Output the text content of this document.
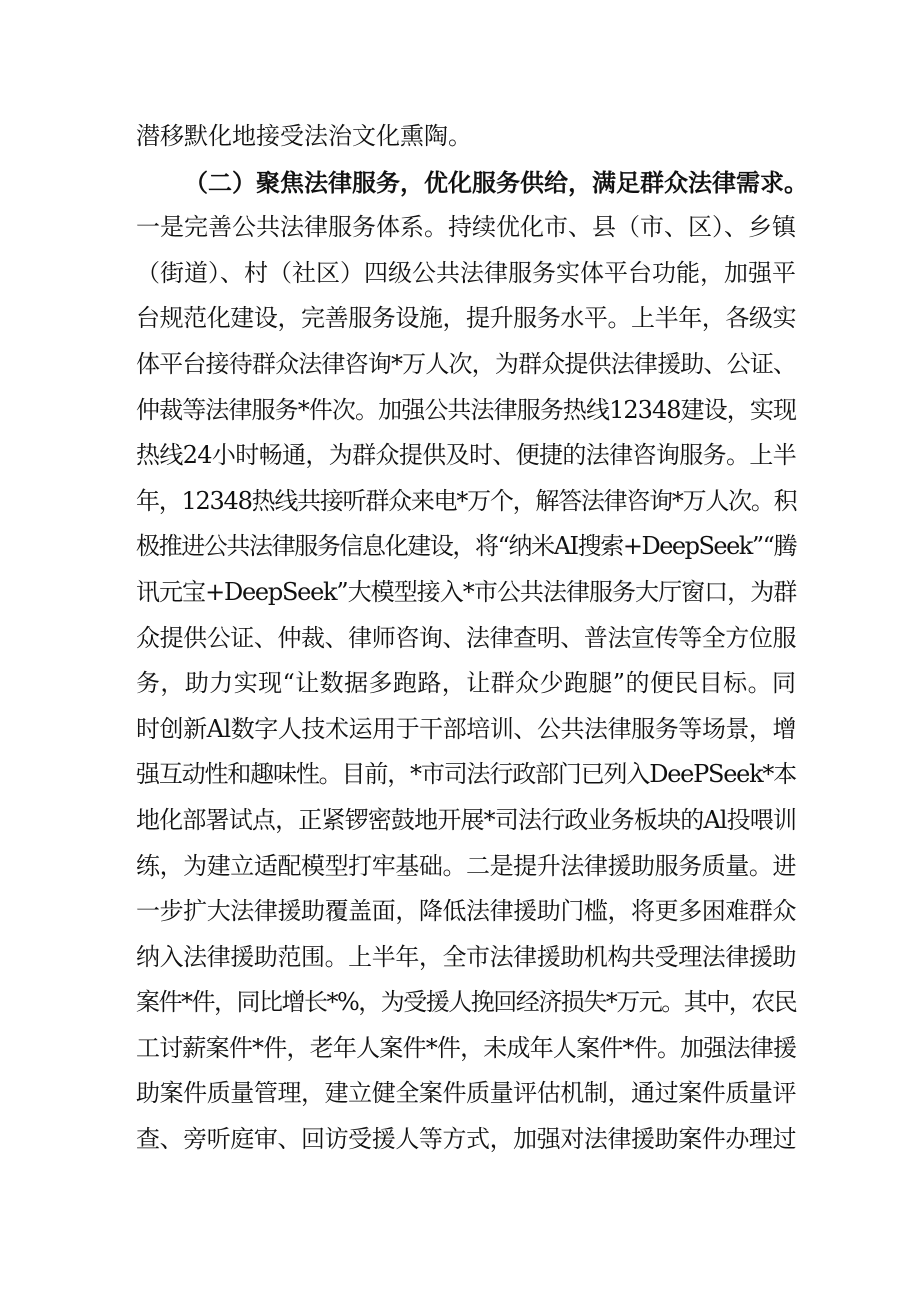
潜移默化地接受法治文化熏陶。
（二）聚焦法律服务，优化服务供给，满足群众法律需求。
一是完善公共法律服务体系。持续优化市、县（市、区）、乡镇
（街道）、村（社区）四级公共法律服务实体平台功能，加强平
台规范化建设，完善服务设施，提升服务水平。上半年，各级实
体平台接待群众法律咨询*万人次，为群众提供法律援助、公证、
仲裁等法律服务*件次。加强公共法律服务热线12348建设，实现
热线24小时畅通，为群众提供及时、便捷的法律咨询服务。上半
年，12348热线共接听群众来电*万个，解答法律咨询*万人次。积
极推进公共法律服务信息化建设，将“纳米AI搜索+DeepSeek”“腾
讯元宝+DeepSeek”大模型接入*市公共法律服务大厅窗口，为群
众提供公证、仲裁、律师咨询、法律查明、普法宣传等全方位服
务，助力实现“让数据多跑路，让群众少跑腿”的便民目标。同
时创新Al数字人技术运用于干部培训、公共法律服务等场景，增
强互动性和趣味性。目前，*市司法行政部门已列入DeePSeek*本
地化部署试点，正紧锣密鼓地开展*司法行政业务板块的Al投喂训
练，为建立适配模型打牢基础。二是提升法律援助服务质量。进
一步扩大法律援助覆盖面，降低法律援助门槛，将更多困难群众
纳入法律援助范围。上半年，全市法律援助机构共受理法律援助
案件*件，同比增长*%，为受援人挽回经济损失*万元。其中，农民
工讨薪案件*件，老年人案件*件，未成年人案件*件。加强法律援
助案件质量管理，建立健全案件质量评估机制，通过案件质量评
查、旁听庭审、回访受援人等方式，加强对法律援助案件办理过
